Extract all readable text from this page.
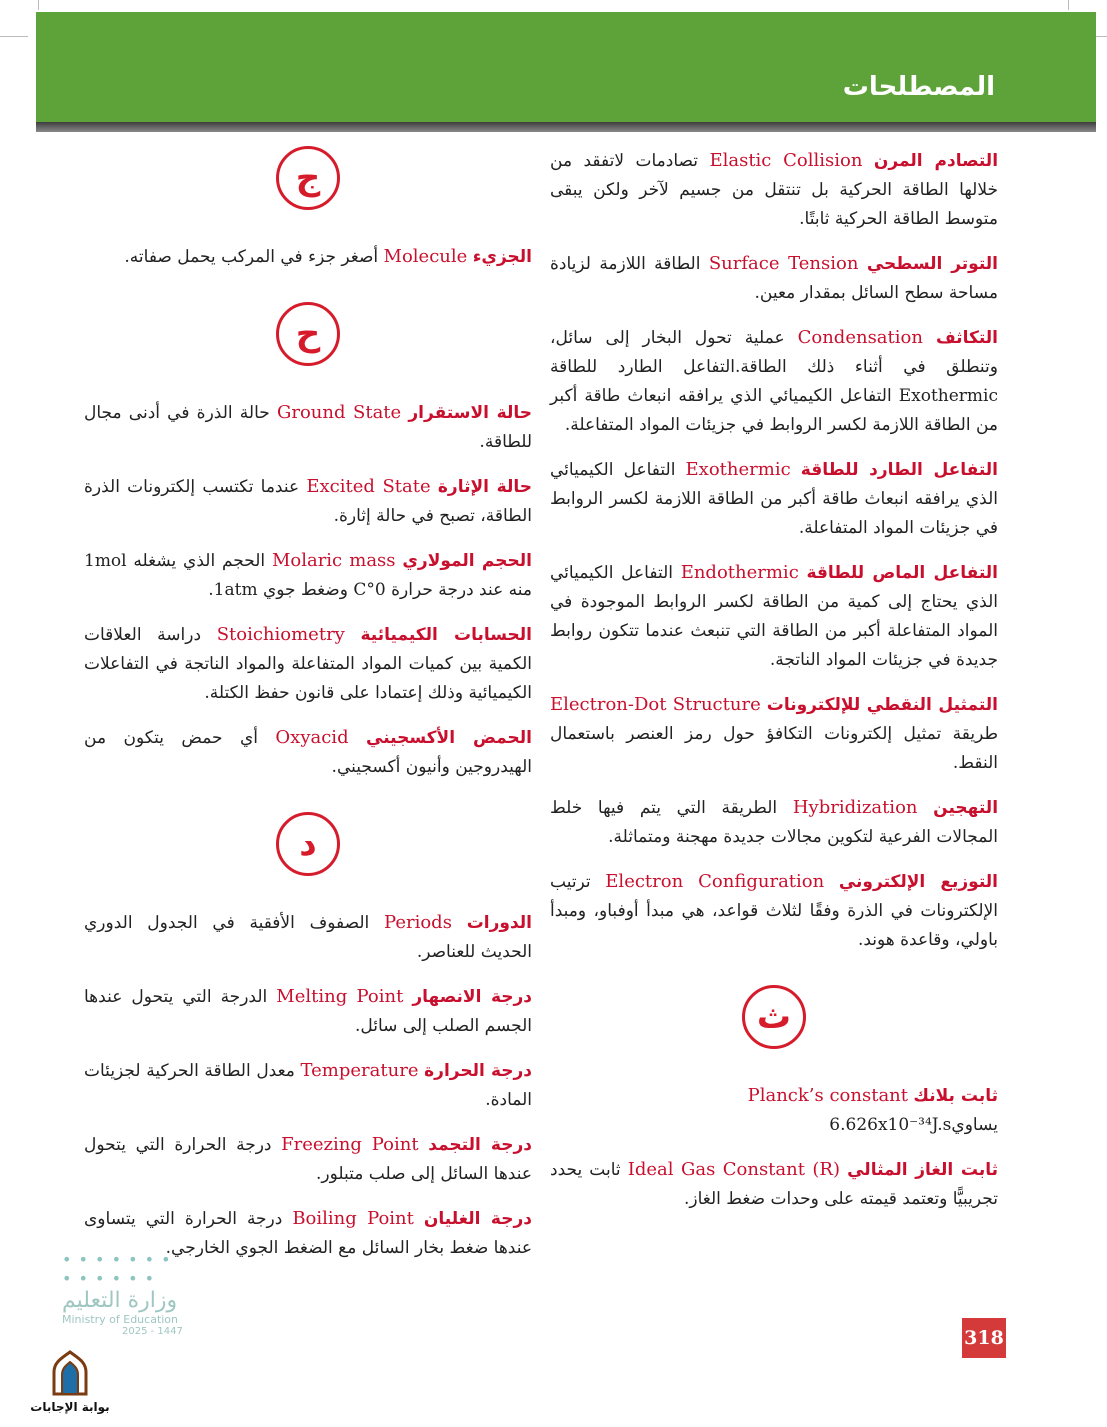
المصطلحات
التصادم المرن Elastic Collision تصادمات لاتفقد من خلالها الطاقة الحركية بل تنتقل من جسيم لآخر ولكن يبقى متوسط الطاقة الحركية ثابتًا.
التوتر السطحي Surface Tension الطاقة اللازمة لزيادة مساحة سطح السائل بمقدار معين.
التكاثف Condensation عملية تحول البخار إلى سائل، وتنطلق في أثناء ذلك الطاقة.التفاعل الطارد للطاقة Exothermic التفاعل الكيميائي الذي يرافقه انبعاث طاقة أكبر من الطاقة اللازمة لكسر الروابط في جزيئات المواد المتفاعلة.
التفاعل الطارد للطاقة Exothermic التفاعل الكيميائي الذي يرافقه انبعاث طاقة أكبر من الطاقة اللازمة لكسر الروابط في جزيئات المواد المتفاعلة.
التفاعل الماص للطاقة Endothermic التفاعل الكيميائي الذي يحتاج إلى كمية من الطاقة لكسر الروابط الموجودة في المواد المتفاعلة أكبر من الطاقة التي تنبعث عندما تتكون روابط جديدة في جزيئات المواد الناتجة.
التمثيل النقطي للإلكترونات Electron-Dot Structure طريقة تمثيل إلكترونات التكافؤ حول رمز العنصر باستعمال النقط.
التهجين Hybridization الطريقة التي يتم فيها خلط المجالات الفرعية لتكوين مجالات جديدة مهجنة ومتماثلة.
التوزيع الإلكتروني Electron Configuration ترتيب الإلكترونات في الذرة وفقًا لثلاث قواعد، هي مبدأ أوفباو، ومبدأ باولي، وقاعدة هوند.
ث
ثابت بلانك Planck’s constant
يساوي6.626x10⁻³⁴J.s
ثابت الغاز المثالي Ideal Gas Constant (R) ثابت يحدد تجريبيًّا وتعتمد قيمته على وحدات ضغط الغاز.
ج
الجزيء Molecule أصغر جزء في المركب يحمل صفاته.
ح
حالة الاستقرار Ground State حالة الذرة في أدنى مجال للطاقة.
حالة الإثارة Excited State عندما تكتسب إلكترونات الذرة الطاقة، تصبح في حالة إثارة.
الحجم المولاري Molaric mass الحجم الذي يشغله 1mol منه عند درجة حرارة 0°C وضغط جوي 1atm.
الحسابات الكيميائية Stoichiometry دراسة العلاقات الكمية بين كميات المواد المتفاعلة والمواد الناتجة في التفاعلات الكيميائية وذلك إعتمادا على قانون حفظ الكتلة.
الحمض الأكسجيني Oxyacid أي حمض يتكون من الهيدروجين وأنيون أكسجيني.
د
الدورات Periods الصفوف الأفقية في الجدول الدوري الحديث للعناصر.
درجة الانصهار Melting Point الدرجة التي يتحول عندها الجسم الصلب إلى سائل.
درجة الحرارة Temperature معدل الطاقة الحركية لجزيئات المادة.
درجة التجمد Freezing Point درجة الحرارة التي يتحول عندها السائل إلى صلب متبلور.
درجة الغليان Boiling Point درجة الحرارة التي يتساوى عندها ضغط بخار السائل مع الضغط الجوي الخارجي.
• • • • • • •
• • • • • •
وزارة التعليم
Ministry of Education
2025 - 1447	318
بوابة الإجابات
